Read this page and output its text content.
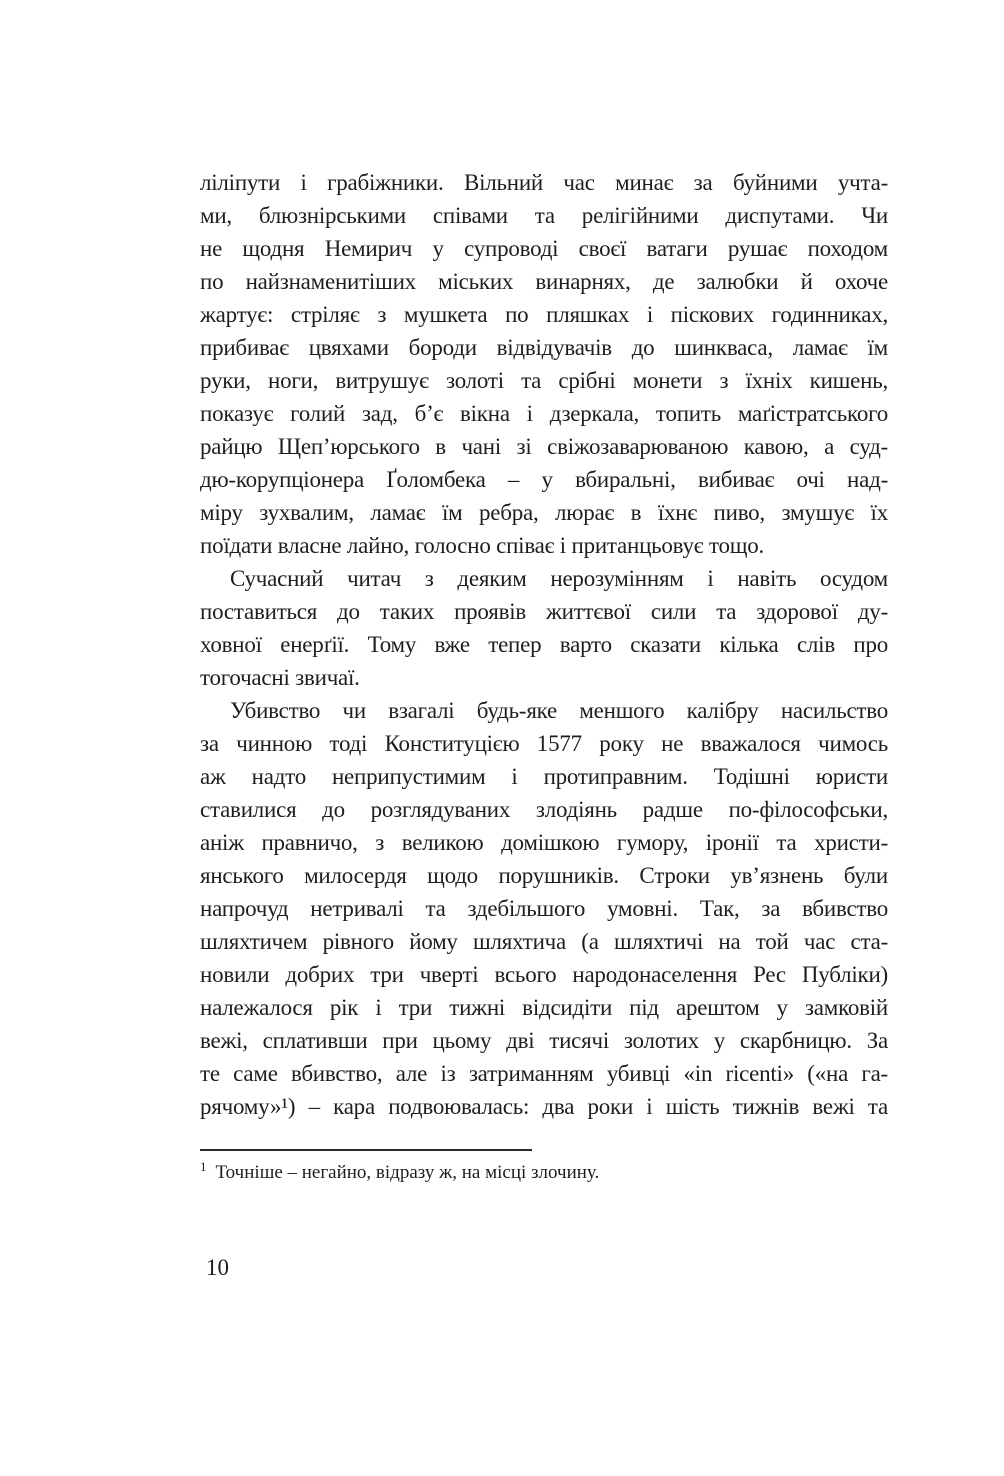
ліліпути і грабіжники. Вільний час минає за буйними учта-
ми, блюзнірськими співами та релігійними диспутами. Чи
не щодня Немирич у супроводі своєї ватаги рушає походом
по найзнаменитіших міських винарнях, де залюбки й охоче
жартує: стріляє з мушкета по пляшках і піскових годинниках,
прибиває цвяхами бороди відвідувачів до шинкваса, ламає їм
руки, ноги, витрушує золоті та срібні монети з їхніх кишень,
показує голий зад, б’є вікна і дзеркала, топить маґістратського
райцю Щеп’юрського в чані зі свіжозаварюваною кавою, а суд-
дю-корупціонера Ґоломбека – у вбиральні, вибиває очі над-
міру зухвалим, ламає їм ребра, люрає в їхнє пиво, змушує їх
поїдати власне лайно, голосно співає і пританцьовує тощо.
Сучасний читач з деяким нерозумінням і навіть осудом
поставиться до таких проявів життєвої сили та здорової ду-
ховної енерґії. Тому вже тепер варто сказати кілька слів про
тогочасні звичаї.
Убивство чи взагалі будь-яке меншого калібру насильство
за чинною тоді Конституцією 1577 року не вважалося чимось
аж надто неприпустимим і протиправним. Тодішні юристи
ставилися до розглядуваних злодіянь радше по-філософськи,
аніж правничо, з великою домішкою гумору, іронії та христи-
янського милосердя щодо порушників. Строки ув’язнень були
напрочуд нетривалі та здебільшого умовні. Так, за вбивство
шляхтичем рівного йому шляхтича (а шляхтичі на той час ста-
новили добрих три чверті всього народонаселення Рес Публіки)
належалося рік і три тижні відсидіти під арештом у замковій
вежі, сплативши при цьому дві тисячі золотих у скарбницю. За
те саме вбивство, але із затриманням убивці «in ricenti» («на га-
рячому»¹) – кара подвоювалась: два роки і шість тижнів вежі та
$^1$ Точніше – негайно, відразу ж, на місці злочину.
10
